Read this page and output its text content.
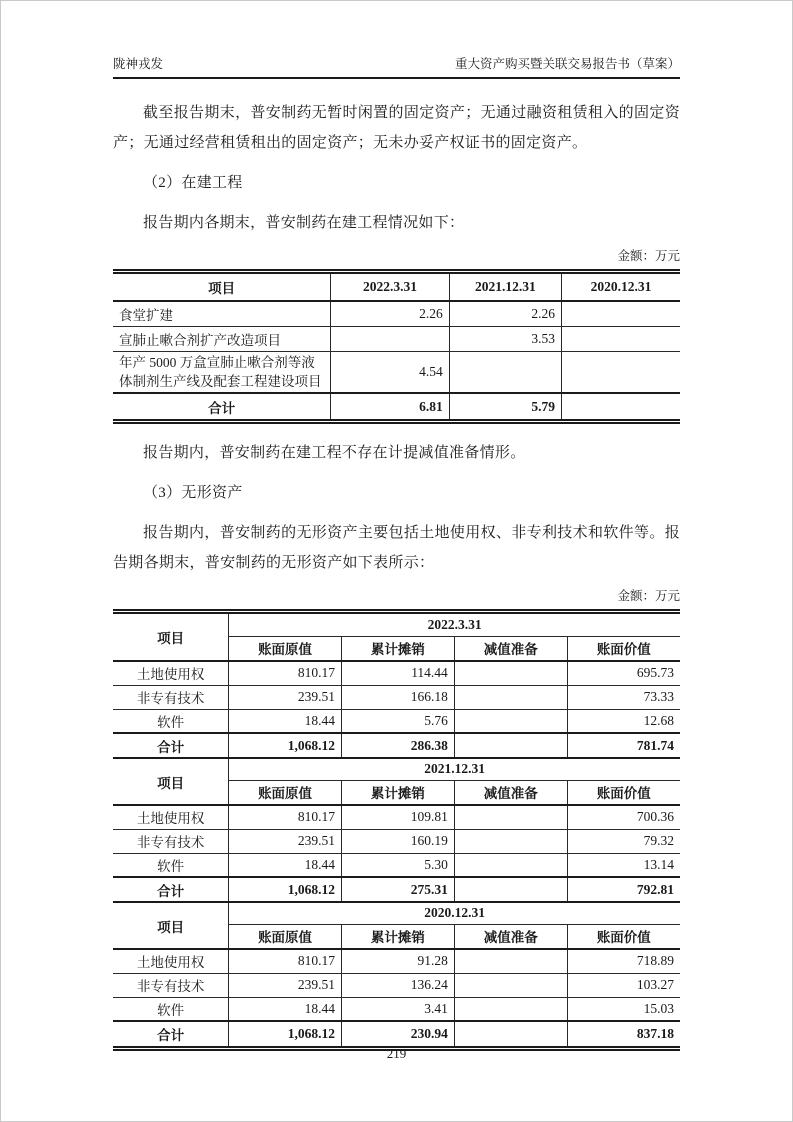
陇神戎发	重大资产购买暨关联交易报告书（草案）

截至报告期末，普安制药无暂时闲置的固定资产；无通过融资租赁租入的固定资产；无通过经营租赁租出的固定资产；无未办妥产权证书的固定资产。

（2）在建工程

报告期内各期末，普安制药在建工程情况如下：

金额：万元
项目	2022.3.31	2021.12.31	2020.12.31
食堂扩建	2.26	2.26	
宣肺止嗽合剂扩产改造项目		3.53	
年产 5000 万盒宣肺止嗽合剂等液体制剂生产线及配套工程建设项目	4.54		
合计	6.81	5.79	

报告期内，普安制药在建工程不存在计提减值准备情形。

（3）无形资产

报告期内，普安制药的无形资产主要包括土地使用权、非专利技术和软件等。报告期各期末，普安制药的无形资产如下表所示：

金额：万元
项目	2022.3.31			
	账面原值	累计摊销	减值准备	账面价值
土地使用权	810.17	114.44		695.73
非专有技术	239.51	166.18		73.33
软件	18.44	5.76		12.68
合计	1,068.12	286.38		781.74
项目	2021.12.31			
	账面原值	累计摊销	减值准备	账面价值
土地使用权	810.17	109.81		700.36
非专有技术	239.51	160.19		79.32
软件	18.44	5.30		13.14
合计	1,068.12	275.31		792.81
项目	2020.12.31			
	账面原值	累计摊销	减值准备	账面价值
土地使用权	810.17	91.28		718.89
非专有技术	239.51	136.24		103.27
软件	18.44	3.41		15.03
合计	1,068.12	230.94		837.18
219
